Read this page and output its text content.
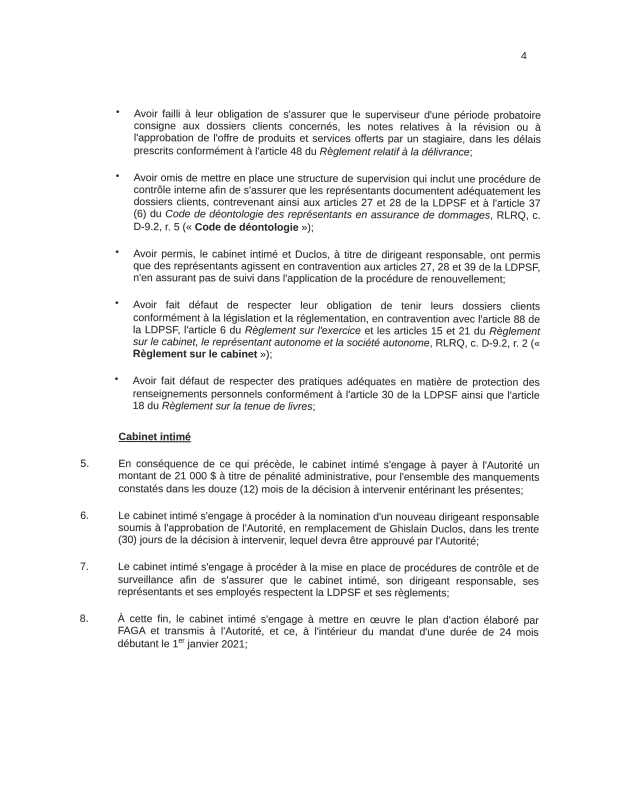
4
• Avoir failli à leur obligation de s'assurer que le superviseur d'une période probatoire consigne aux dossiers clients concernés, les notes relatives à la révision ou à l'approbation de l'offre de produits et services offerts par un stagiaire, dans les délais prescrits conformément à l'article 48 du Règlement relatif à la délivrance;
• Avoir omis de mettre en place une structure de supervision qui inclut une procédure de contrôle interne afin de s'assurer que les représentants documentent adéquatement les dossiers clients, contrevenant ainsi aux articles 27 et 28 de la LDPSF et à l'article 37 (6) du Code de déontologie des représentants en assurance de dommages, RLRQ, c. D-9.2, r. 5 (« Code de déontologie »);
• Avoir permis, le cabinet intimé et Duclos, à titre de dirigeant responsable, ont permis que des représentants agissent en contravention aux articles 27, 28 et 39 de la LDPSF, n'en assurant pas de suivi dans l'application de la procédure de renouvellement;
• Avoir fait défaut de respecter leur obligation de tenir leurs dossiers clients conformément à la législation et la réglementation, en contravention avec l'article 88 de la LDPSF, l'article 6 du Règlement sur l'exercice et les articles 15 et 21 du Règlement sur le cabinet, le représentant autonome et la société autonome, RLRQ, c. D-9.2, r. 2 (« Règlement sur le cabinet »);
• Avoir fait défaut de respecter des pratiques adéquates en matière de protection des renseignements personnels conformément à l'article 30 de la LDPSF ainsi que l'article 18 du Règlement sur la tenue de livres;
Cabinet intimé
5.	En conséquence de ce qui précède, le cabinet intimé s'engage à payer à l'Autorité un montant de 21 000 $ à titre de pénalité administrative, pour l'ensemble des manquements constatés dans les douze (12) mois de la décision à intervenir entérinant les présentes;
6.	Le cabinet intimé s'engage à procéder à la nomination d'un nouveau dirigeant responsable soumis à l'approbation de l'Autorité, en remplacement de Ghislain Duclos, dans les trente (30) jours de la décision à intervenir, lequel devra être approuvé par l'Autorité;
7.	Le cabinet intimé s'engage à procéder à la mise en place de procédures de contrôle et de surveillance afin de s'assurer que le cabinet intimé, son dirigeant responsable, ses représentants et ses employés respectent la LDPSF et ses règlements;
8.	À cette fin, le cabinet intimé s'engage à mettre en œuvre le plan d'action élaboré par FAGA et transmis à l'Autorité, et ce, à l'intérieur du mandat d'une durée de 24 mois débutant le 1er janvier 2021;
